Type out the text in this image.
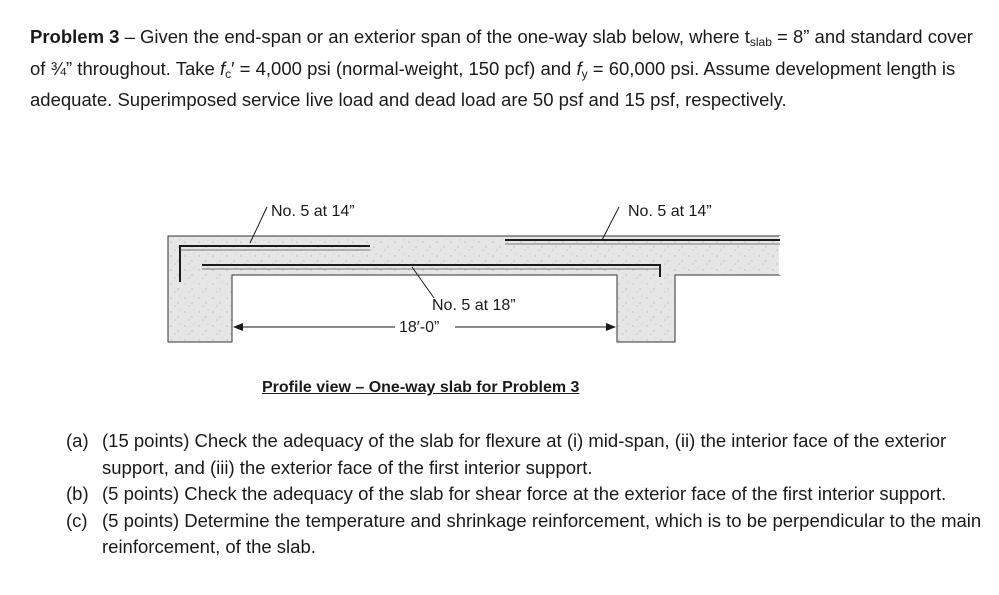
Problem 3 – Given the end-span or an exterior span of the one-way slab below, where $t_{slab} = 8$” and standard cover of ¾” throughout. Take $f_c' = 4,000$ psi (normal-weight, 150 pcf) and $f_y = 60,000$ psi. Assume development length is adequate. Superimposed service live load and dead load are 50 psf and 15 psf, respectively.
No. 5 at 14”	No. 5 at 14”
No. 5 at 18”
18′-0”
Profile view – One-way slab for Problem 3
(a) (15 points) Check the adequacy of the slab for flexure at (i) mid-span, (ii) the interior face of the exterior support, and (iii) the exterior face of the first interior support.
(b) (5 points) Check the adequacy of the slab for shear force at the exterior face of the first interior support.
(c) (5 points) Determine the temperature and shrinkage reinforcement, which is to be perpendicular to the main reinforcement, of the slab.
